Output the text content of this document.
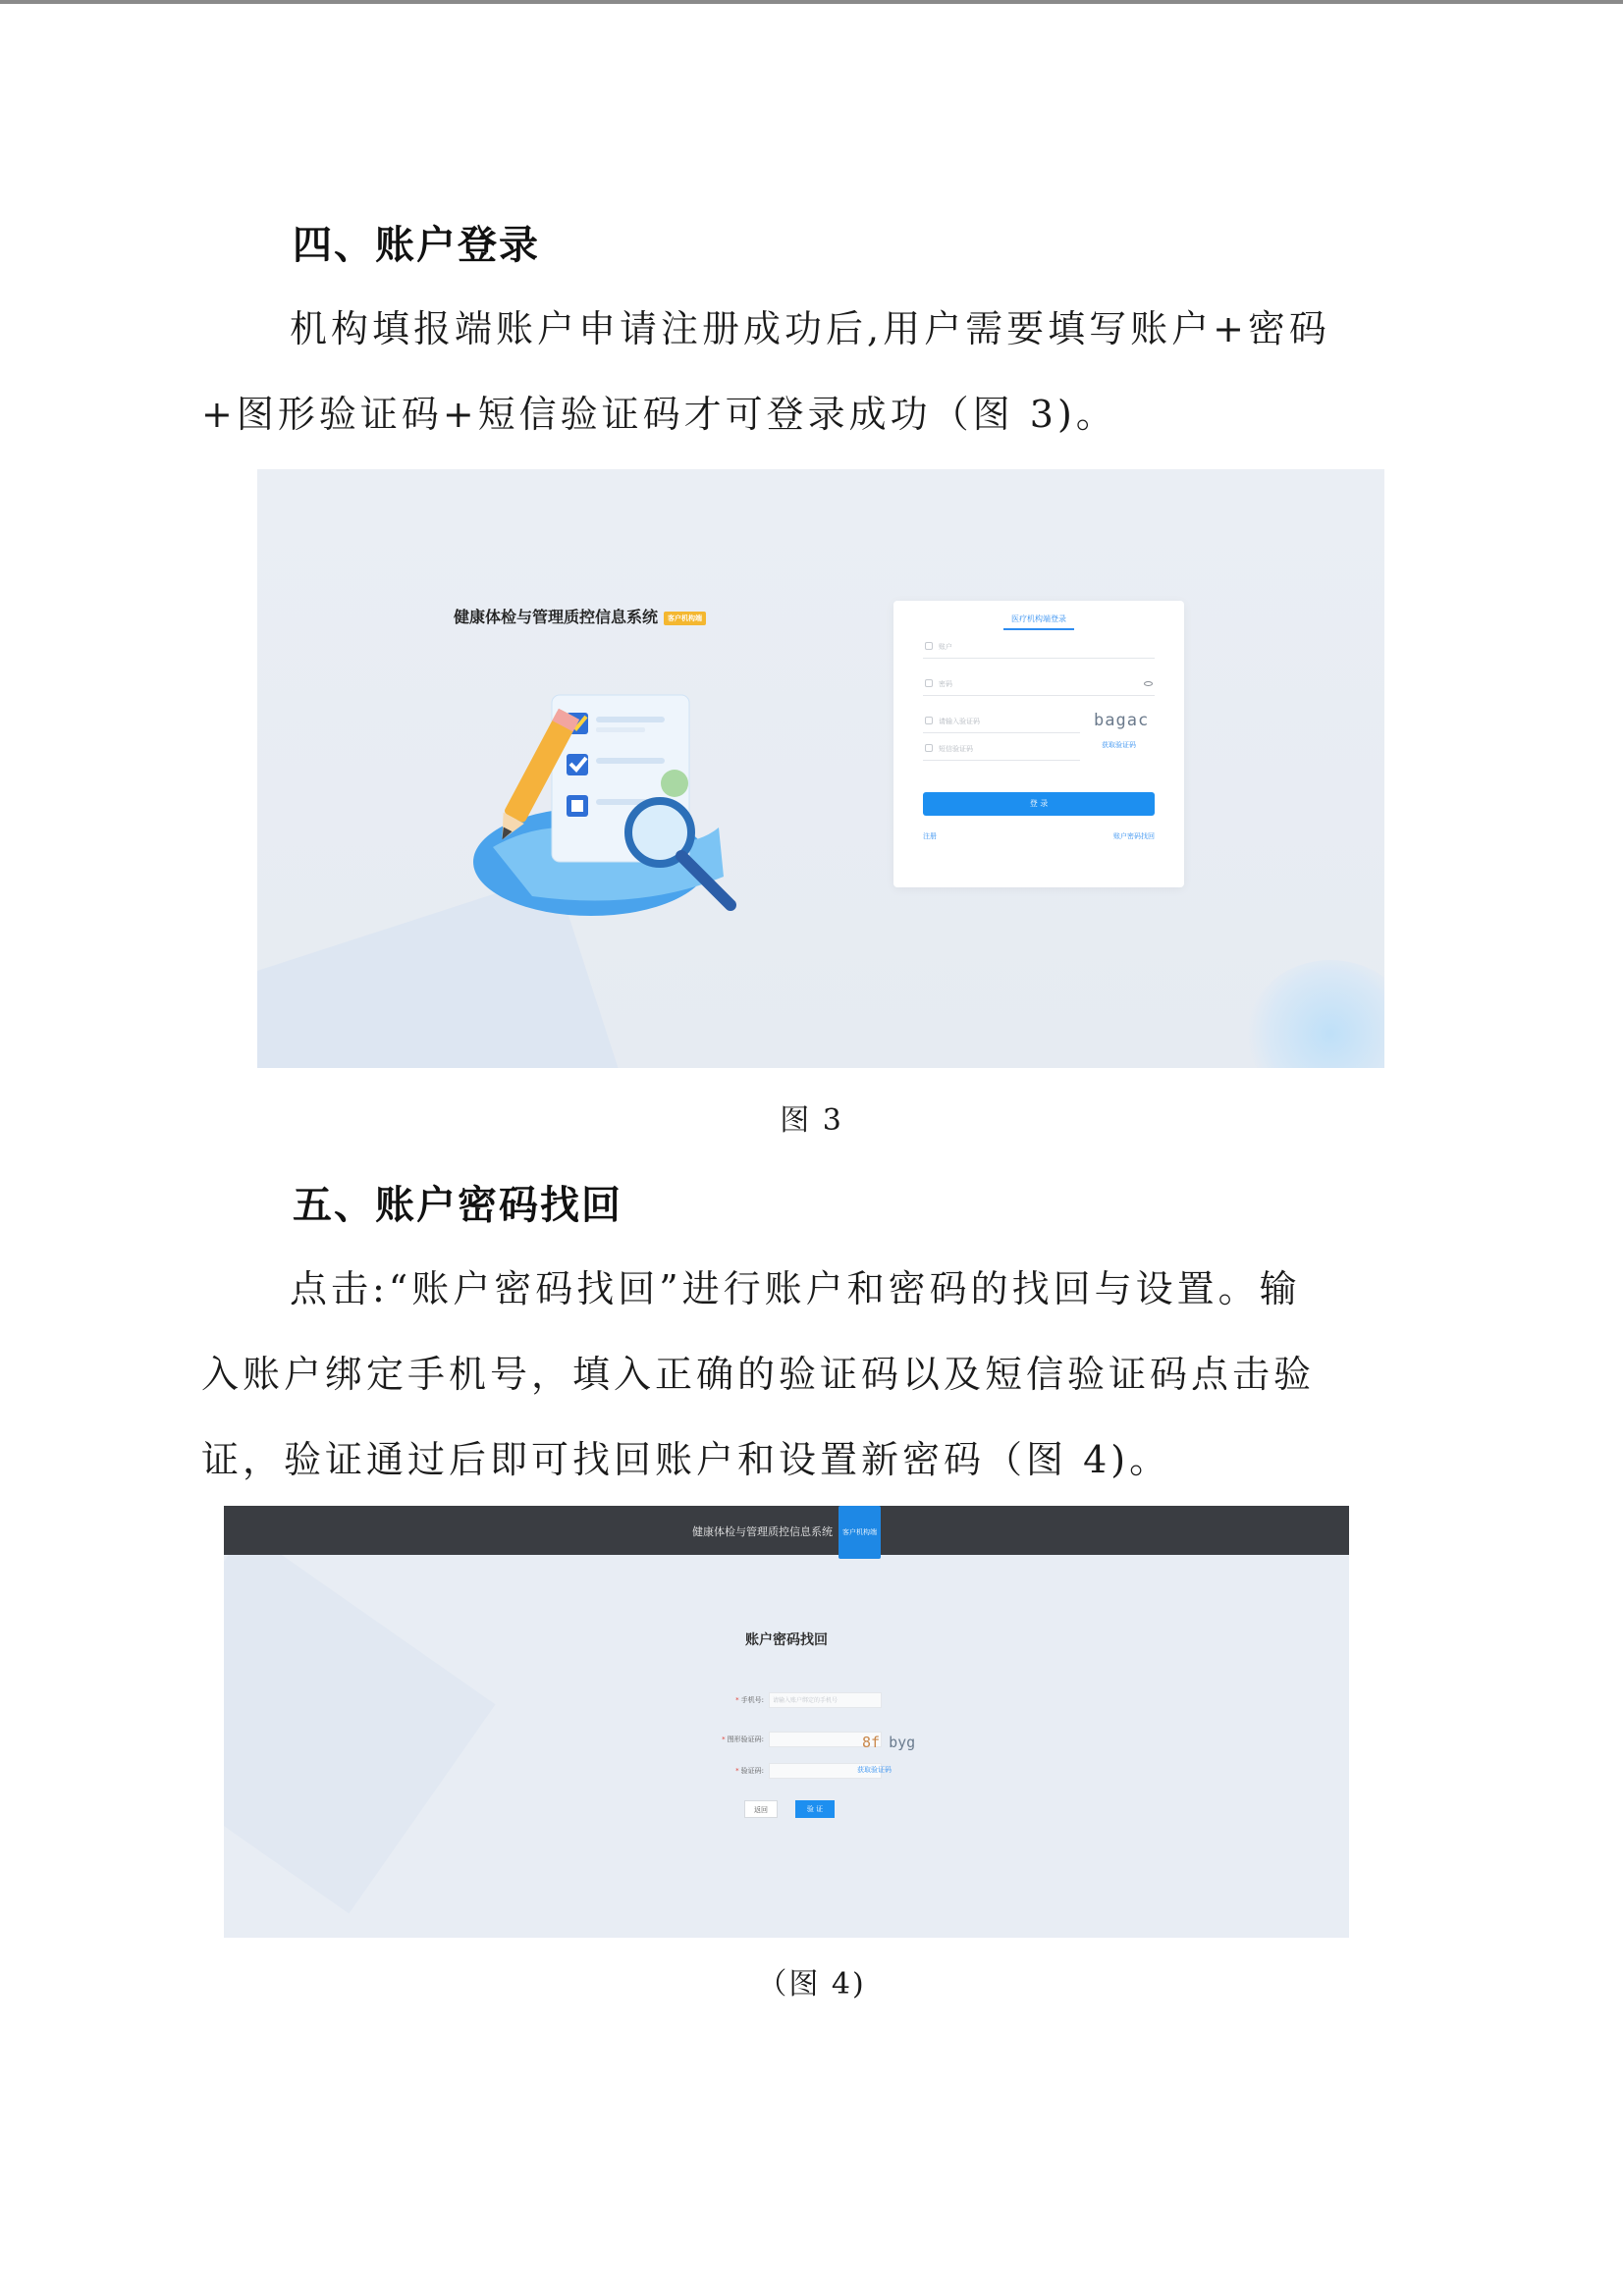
四、账户登录
机构填报端账户申请注册成功后,用户需要填写账户+密码
+图形验证码+短信验证码才可登录成功（图 3)。
健康体检与管理质控信息系统 客户机构端	医疗机构端登录
账户
密码
请输入验证码	bagac
短信验证码	获取验证码
登 录
注册	账户密码找回
图 3
五、账户密码找回
点击:“账户密码找回”进行账户和密码的找回与设置。输
入账户绑定手机号，填入正确的验证码以及短信验证码点击验
证，验证通过后即可找回账户和设置新密码（图 4)。
健康体检与管理质控信息系统 客户机构端
账户密码找回
* 手机号:	请输入账户绑定的手机号
* 图形验证码:	8f byg
* 验证码:	获取验证码
返回	验 证
（图 4)
